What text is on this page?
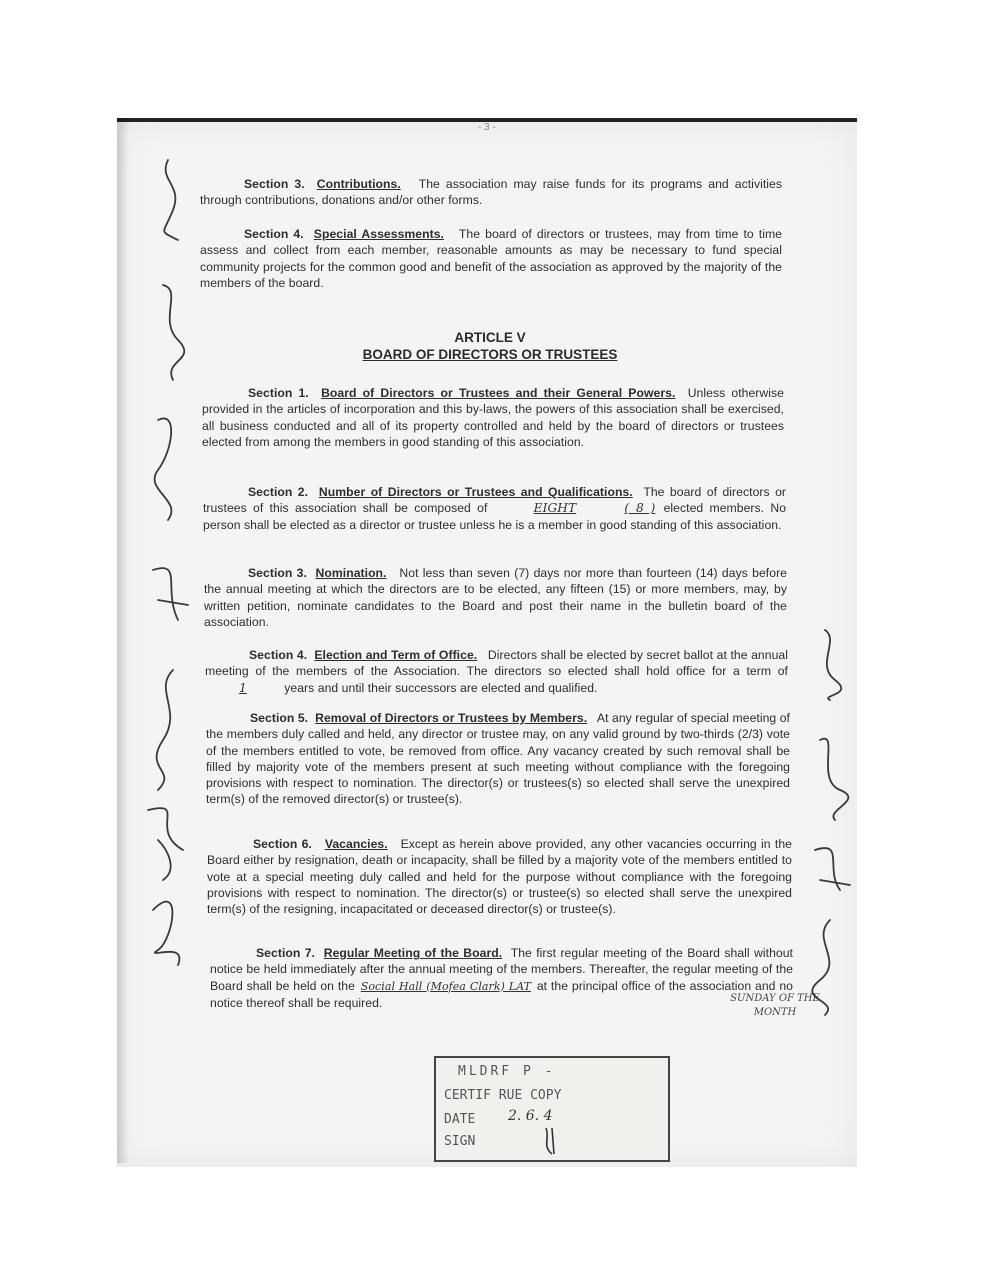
- 3 -
Section 3. Contributions. The association may raise funds for its programs and activities through contributions, donations and/or other forms.
Section 4. Special Assessments. The board of directors or trustees, may from time to time assess and collect from each member, reasonable amounts as may be necessary to fund special community projects for the common good and benefit of the association as approved by the majority of the members of the board.
ARTICLE V
BOARD OF DIRECTORS OR TRUSTEES
Section 1. Board of Directors or Trustees and their General Powers. Unless otherwise provided in the articles of incorporation and this by-laws, the powers of this association shall be exercised, all business conducted and all of its property controlled and held by the board of directors or trustees elected from among the members in good standing of this association.
Section 2. Number of Directors or Trustees and Qualifications. The board of directors or trustees of this association shall be composed of	EIGHT	( 8 ) elected members. No person shall be elected as a director or trustee unless he is a member in good standing of this association.
Section 3. Nomination. Not less than seven (7) days nor more than fourteen (14) days before the annual meeting at which the directors are to be elected, any fifteen (15) or more members, may, by written petition, nominate candidates to the Board and post their name in the bulletin board of the association.
Section 4. Election and Term of Office. Directors shall be elected by secret ballot at the annual meeting of the members of the Association. The directors so elected shall hold office for a term of 1	years and until their successors are elected and qualified.
Section 5. Removal of Directors or Trustees by Members. At any regular of special meeting of the members duly called and held, any director or trustee may, on any valid ground by two-thirds (2/3) vote of the members entitled to vote, be removed from office. Any vacancy created by such removal shall be filled by majority vote of the members present at such meeting without compliance with the foregoing provisions with respect to nomination. The director(s) or trustees(s) so elected shall serve the unexpired term(s) of the removed director(s) or trustee(s).
Section 6. Vacancies. Except as herein above provided, any other vacancies occurring in the Board either by resignation, death or incapacity, shall be filled by a majority vote of the members entitled to vote at a special meeting duly called and held for the purpose without compliance with the foregoing provisions with respect to nomination. The director(s) or trustee(s) so elected shall serve the unexpired term(s) of the resigning, incapacitated or deceased director(s) or trustee(s).
Section 7. Regular Meeting of the Board. The first regular meeting of the Board shall without notice be held immediately after the annual meeting of the members. Thereafter, the regular meeting of the Board shall be held on the Social Hall (Mofea Clark) LAT at the principal office of the association and no notice thereof shall be required.	SUNDAY OF THE MONTH
MLDRF P -
CERTIF RUE COPY
DATE 2. 6. 4
SIGN
